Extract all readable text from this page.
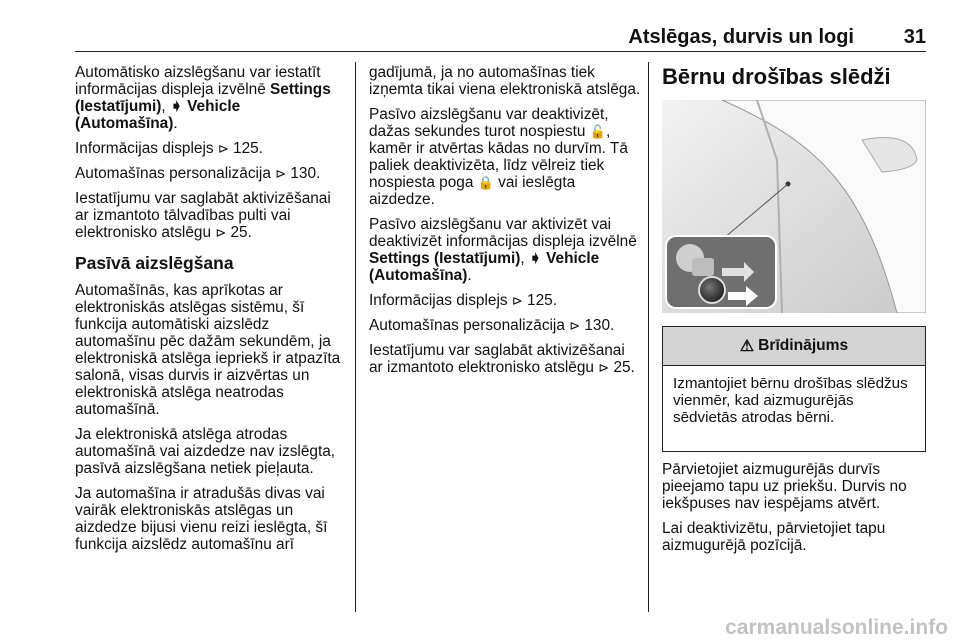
Atslēgas, durvis un logi 31

Automātisko aizslēgšanu var iestatīt informācijas displeja izvēlnē Settings (Iestatījumi), ➧ Vehicle (Automašīna).

Informācijas displejs ⊳ 125.

Automašīnas personalizācija ⊳ 130.

Iestatījumu var saglabāt aktivizēšanai ar izmantoto tālvadības pulti vai elektronisko atslēgu ⊳ 25.

Pasīvā aizslēgšana

Automašīnās, kas aprīkotas ar elektroniskās atslēgas sistēmu, šī funkcija automātiski aizslēdz automašīnu pēc dažām sekundēm, ja elektroniskā atslēga iepriekš ir atpazīta salonā, visas durvis ir aizvērtas un elektroniskā atslēga neatrodas automašīnā.

Ja elektroniskā atslēga atrodas automašīnā vai aizdedze nav izslēgta, pasīvā aizslēgšana netiek pieļauta.

Ja automašīna ir atradušās divas vai vairāk elektroniskās atslēgas un aizdedze bijusi vienu reizi ieslēgta, šī funkcija aizslēdz automašīnu arī

gadījumā, ja no automašīnas tiek izņemta tikai viena elektroniskā atslēga.

Pasīvo aizslēgšanu var deaktivizēt, dažas sekundes turot nospiestu 🔓, kamēr ir atvērtas kādas no durvīm. Tā paliek deaktivizēta, līdz vēlreiz tiek nospiesta poga 🔒 vai ieslēgta aizdedze.

Pasīvo aizslēgšanu var aktivizēt vai deaktivizēt informācijas displeja izvēlnē Settings (Iestatījumi), ➧ Vehicle (Automašīna).

Informācijas displejs ⊳ 125.

Automašīnas personalizācija ⊳ 130.

Iestatījumu var saglabāt aktivizēšanai ar izmantoto elektronisko atslēgu ⊳ 25.

Bērnu drošības slēdži

⚠ Brīdinājums
Izmantojiet bērnu drošības slēdžus vienmēr, kad aizmugurējās sēdvietās atrodas bērni.

Pārvietojiet aizmugurējās durvīs pieejamo tapu uz priekšu. Durvis no iekšpuses nav iespējams atvērt.

Lai deaktivizētu, pārvietojiet tapu aizmugurējā pozīcijā.

carmanualsonline.info
